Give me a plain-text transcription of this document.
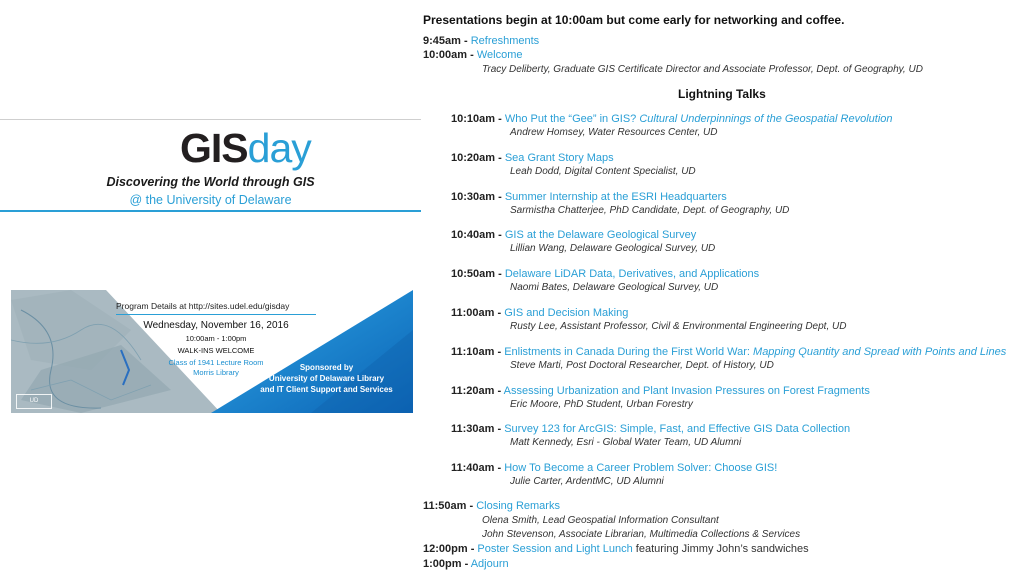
GISday
Discovering the World through GIS
@ the University of Delaware
Program Details at http://sites.udel.edu/gisday
Wednesday, November 16, 2016
10:00am - 1:00pm
WALK-INS WELCOME
Class of 1941 Lecture Room
Morris Library
Sponsored by
University of Delaware Library
and IT Client Support and Services
UD
Presentations begin at 10:00am but come early for networking and coffee.
9:45am - Refreshments
10:00am - Welcome
Tracy Deliberty, Graduate GIS Certificate Director and Associate Professor, Dept. of Geography, UD
Lightning Talks
10:10am - Who Put the “Gee” in GIS? Cultural Underpinnings of the Geospatial Revolution
Andrew Homsey, Water Resources Center, UD
10:20am - Sea Grant Story Maps
Leah Dodd, Digital Content Specialist, UD
10:30am - Summer Internship at the ESRI Headquarters
Sarmistha Chatterjee, PhD Candidate, Dept. of Geography, UD
10:40am - GIS at the Delaware Geological Survey
Lillian Wang, Delaware Geological Survey, UD
10:50am - Delaware LiDAR Data, Derivatives, and Applications
Naomi Bates, Delaware Geological Survey, UD
11:00am - GIS and Decision Making
Rusty Lee, Assistant Professor, Civil & Environmental Engineering Dept, UD
11:10am - Enlistments in Canada During the First World War: Mapping Quantity and Spread with Points and Lines
Steve Marti, Post Doctoral Researcher, Dept. of History, UD
11:20am - Assessing Urbanization and Plant Invasion Pressures on Forest Fragments
Eric Moore, PhD Student, Urban Forestry
11:30am - Survey 123 for ArcGIS: Simple, Fast, and Effective GIS Data Collection
Matt Kennedy, Esri - Global Water Team, UD Alumni
11:40am - How To Become a Career Problem Solver: Choose GIS!
Julie Carter, ArdentMC, UD Alumni
11:50am - Closing Remarks
Olena Smith, Lead Geospatial Information Consultant
John Stevenson, Associate Librarian, Multimedia Collections & Services
12:00pm - Poster Session and Light Lunch featuring Jimmy John’s sandwiches
1:00pm - Adjourn
